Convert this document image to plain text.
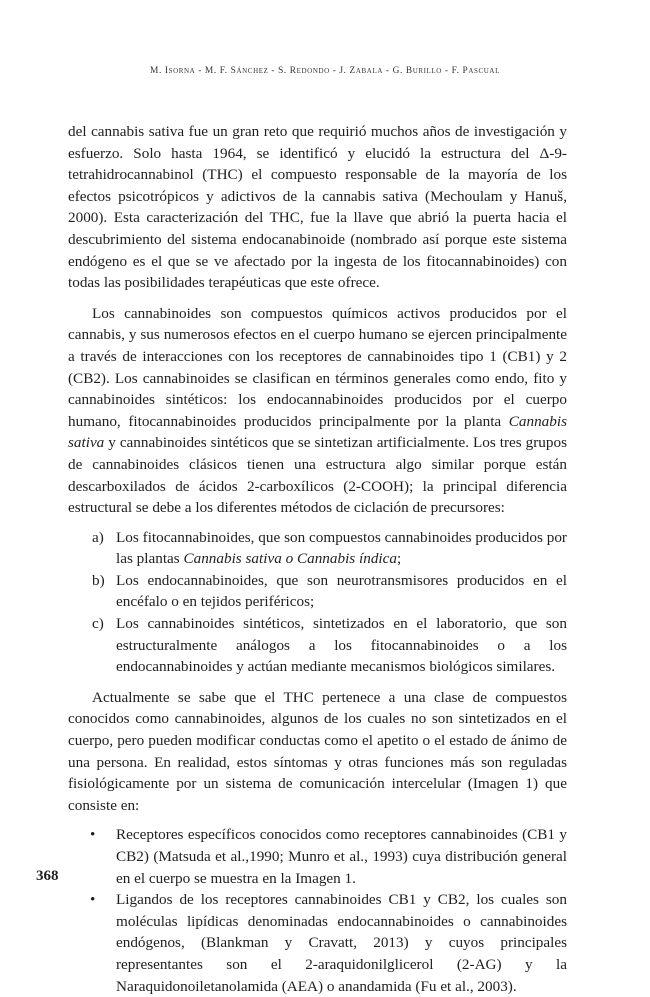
M. Isorna - M. F. Sánchez - S. Redondo - J. Zabala - G. Burillo - F. Pascual

del cannabis sativa fue un gran reto que requirió muchos años de investigación y esfuerzo. Solo hasta 1964, se identificó y elucidó la estructura del Δ-9-tetrahidrocannabinol (THC) el compuesto responsable de la mayoría de los efectos psicotrópicos y adictivos de la cannabis sativa (Mechoulam y Hanuš, 2000). Esta caracterización del THC, fue la llave que abrió la puerta hacia el descubrimiento del sistema endocanabinoide (nombrado así porque este sistema endógeno es el que se ve afectado por la ingesta de los fitocannabinoides) con todas las posibilidades terapéuticas que este ofrece.

Los cannabinoides son compuestos químicos activos producidos por el cannabis, y sus numerosos efectos en el cuerpo humano se ejercen principalmente a través de interacciones con los receptores de cannabinoides tipo 1 (CB1) y 2 (CB2). Los cannabinoides se clasifican en términos generales como endo, fito y cannabinoides sintéticos: los endocannabinoides producidos por el cuerpo humano, fitocannabinoides producidos principalmente por la planta Cannabis sativa y cannabinoides sintéticos que se sintetizan artificialmente. Los tres grupos de cannabinoides clásicos tienen una estructura algo similar porque están descarboxilados de ácidos 2-carboxílicos (2-COOH); la principal diferencia estructural se debe a los diferentes métodos de ciclación de precursores:

a) Los fitocannabinoides, que son compuestos cannabinoides producidos por las plantas Cannabis sativa o Cannabis índica;
b) Los endocannabinoides, que son neurotransmisores producidos en el encéfalo o en tejidos periféricos;
c) Los cannabinoides sintéticos, sintetizados en el laboratorio, que son estructuralmente análogos a los fitocannabinoides o a los endocannabinoides y actúan mediante mecanismos biológicos similares.

Actualmente se sabe que el THC pertenece a una clase de compuestos conocidos como cannabinoides, algunos de los cuales no son sintetizados en el cuerpo, pero pueden modificar conductas como el apetito o el estado de ánimo de una persona. En realidad, estos síntomas y otras funciones más son reguladas fisiológicamente por un sistema de comunicación intercelular (Imagen 1) que consiste en:

• Receptores específicos conocidos como receptores cannabinoides (CB1 y CB2) (Matsuda et al.,1990; Munro et al., 1993) cuya distribución general en el cuerpo se muestra en la Imagen 1.
• Ligandos de los receptores cannabinoides CB1 y CB2, los cuales son moléculas lipídicas denominadas endocannabinoides o cannabinoides endógenos, (Blankman y Cravatt, 2013) y cuyos principales representantes son el 2-araquidonilglicerol (2-AG) y la Naraquidonoiletanolamida (AEA) o anandamida (Fu et al., 2003).
368
